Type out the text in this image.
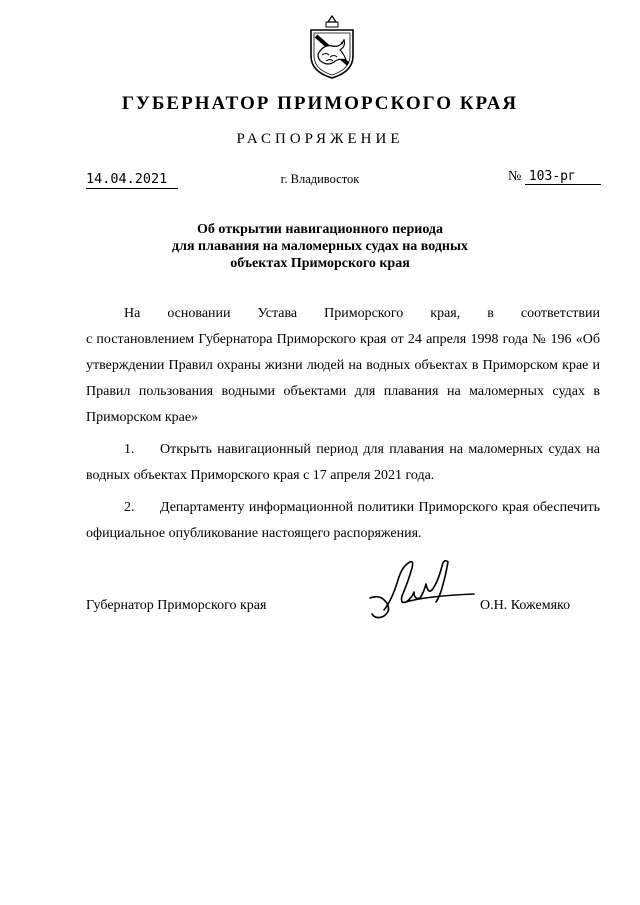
ГУБЕРНАТОР ПРИМОРСКОГО КРАЯ
РАСПОРЯЖЕНИЕ
14.04.2021	г. Владивосток	№ 103-рг
Об открытии навигационного периода
для плавания на маломерных судах на водных
объектах Приморского края
На основании Устава Приморского края, в соответствии
с постановлением Губернатора Приморского края от 24 апреля 1998 года № 196 «Об утверждении Правил охраны жизни людей на водных объектах в Приморском крае и Правил пользования водными объектами для плавания на маломерных судах в Приморском крае»
1. Открыть навигационный период для плавания на маломерных судах на водных объектах Приморского края с 17 апреля 2021 года.
2. Департаменту информационной политики Приморского края обеспечить официальное опубликование настоящего распоряжения.
Губернатор Приморского края	О.Н. Кожемяко
